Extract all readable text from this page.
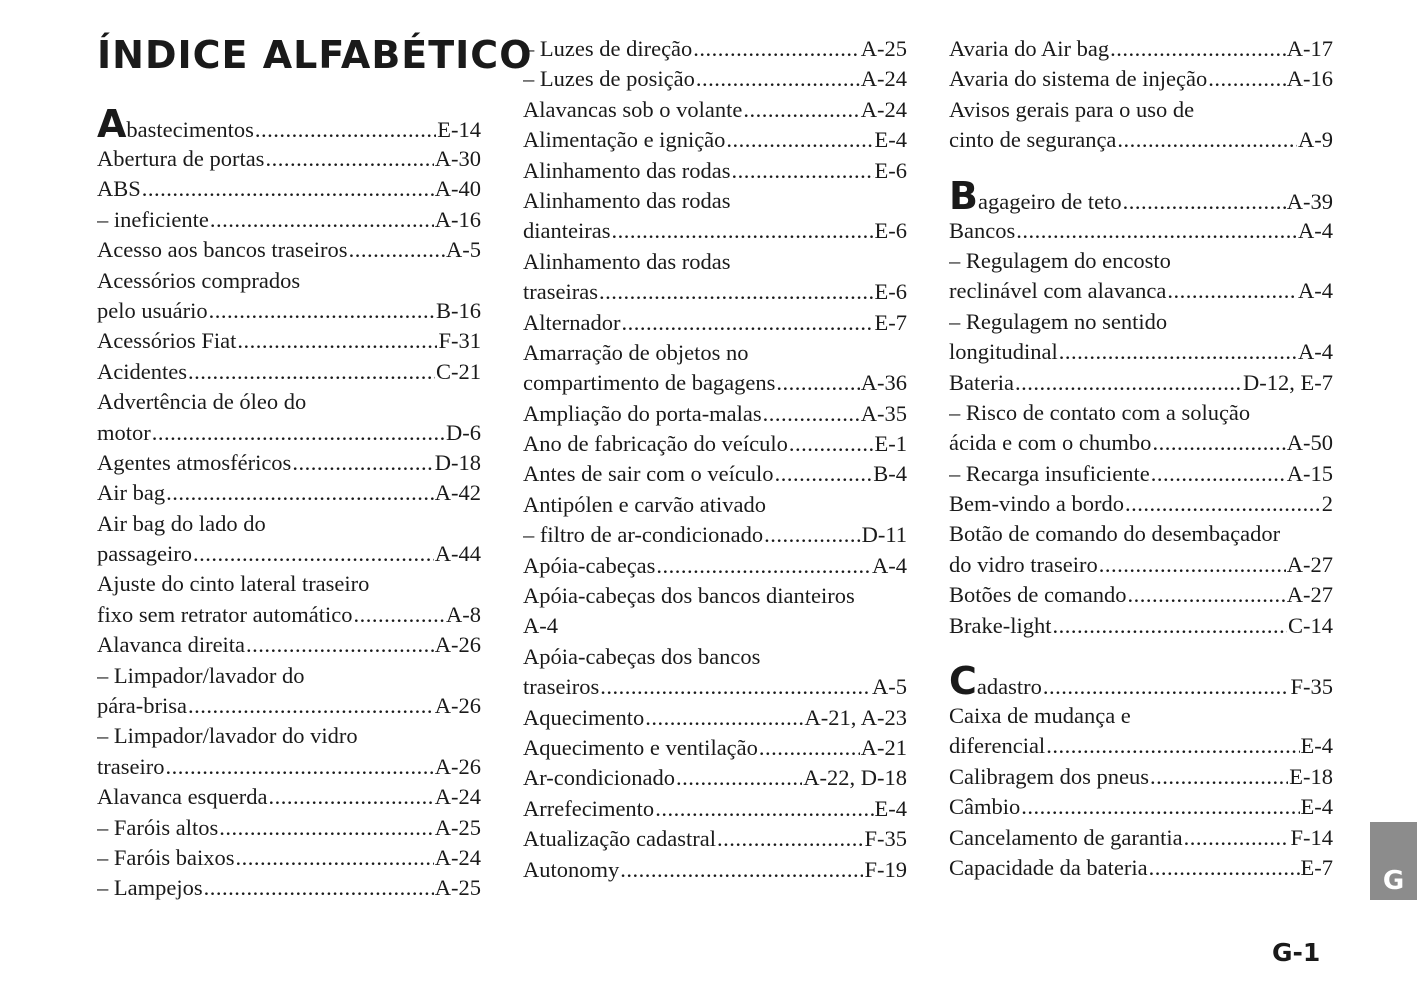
ÍNDICE ALFABÉTICO
A bastecimentos .....	E-14
Abertura de portas .....	A-30
ABS .....	A-40
– ineficiente .....	A-16
Acesso aos bancos traseiros .....	A-5
Acessórios comprados
pelo usuário .....	B-16
Acessórios Fiat .....	F-31
Acidentes .....	C-21
Advertência de óleo do
motor .....	D-6
Agentes atmosféricos .....	D-18
Air bag .....	A-42
Air bag do lado do
passageiro .....	A-44
Ajuste do cinto lateral traseiro
fixo sem retrator automático .....	A-8
Alavanca direita .....	A-26
– Limpador/lavador do
pára-brisa .....	A-26
– Limpador/lavador do vidro
traseiro .....	A-26
Alavanca esquerda .....	A-24
– Faróis altos .....	A-25
– Faróis baixos .....	A-24
– Lampejos .....	A-25
– Luzes de direção .....	A-25
– Luzes de posição .....	A-24
Alavancas sob o volante .....	A-24
Alimentação e ignição .....	E-4
Alinhamento das rodas .....	E-6
Alinhamento das rodas
dianteiras .....	E-6
Alinhamento das rodas
traseiras .....	E-6
Alternador .....	E-7
Amarração de objetos no
compartimento de bagagens .....	A-36
Ampliação do porta-malas .....	A-35
Ano de fabricação do veículo .....	E-1
Antes de sair com o veículo .....	B-4
Antipólen e carvão ativado
– filtro de ar-condicionado .....	D-11
Apóia-cabeças .....	A-4
Apóia-cabeças dos bancos dianteiros
A-4
Apóia-cabeças dos bancos
traseiros .....	A-5
Aquecimento .....	A-21, A-23
Aquecimento e ventilação .....	A-21
Ar-condicionado .....	A-22, D-18
Arrefecimento .....	E-4
Atualização cadastral .....	F-35
Autonomy .....	F-19
Avaria do Air bag .....	A-17
Avaria do sistema de injeção .....	A-16
Avisos gerais para o uso de
cinto de segurança .....	A-9
B agageiro de teto .....	A-39
Bancos .....	A-4
– Regulagem do encosto
reclinável com alavanca .....	A-4
– Regulagem no sentido
longitudinal .....	A-4
Bateria .....	D-12, E-7
– Risco de contato com a solução
ácida e com o chumbo .....	A-50
– Recarga insuficiente .....	A-15
Bem-vindo a bordo .....	2
Botão de comando do desembaçador
do vidro traseiro .....	A-27
Botões de comando .....	A-27
Brake-light .....	C-14
C adastro .....	F-35
Caixa de mudança e
diferencial .....	E-4
Calibragem dos pneus .....	E-18
Câmbio .....	E-4
Cancelamento de garantia .....	F-14
Capacidade da bateria .....	E-7 G
G-1
